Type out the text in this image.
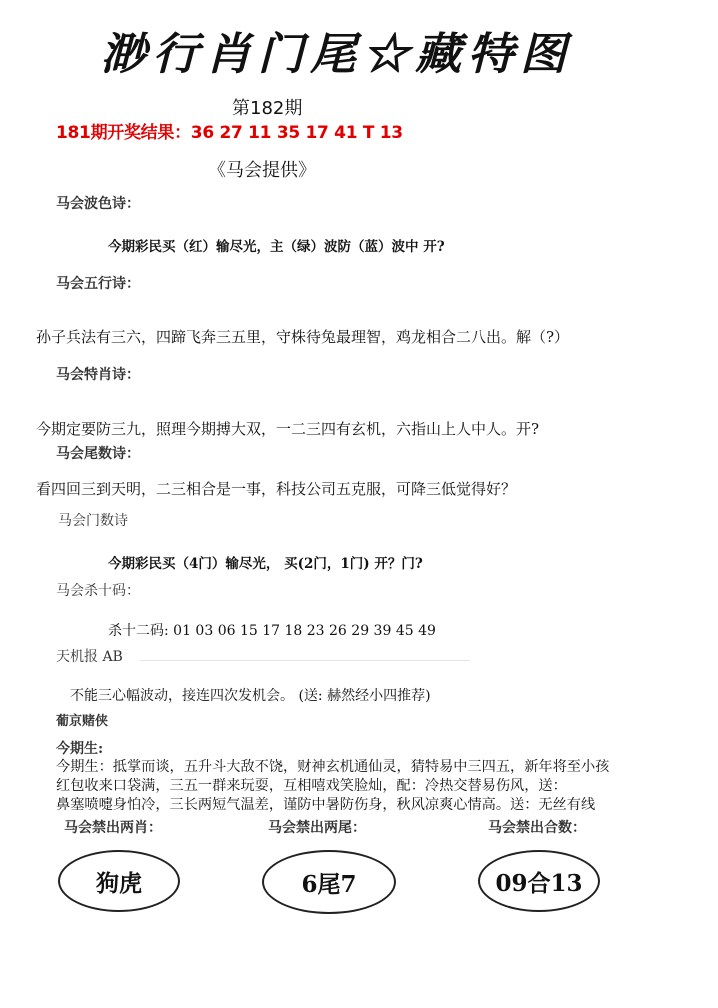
渺行肖门尾☆藏特图
第182期
181期开奖结果：36 27 11 35 17 41 T 13
《马会提供》
马会波色诗：
今期彩民买（红）输尽光，主（绿）波防（蓝）波中 开?
马会五行诗：
孙子兵法有三六，四蹄飞奔三五里，守株待兔最理智，鸡龙相合二八出。解（?）
马会特肖诗：
今期定要防三九，照理今期搏大双，一二三四有玄机，六指山上人中人。开?
马会尾数诗：
看四回三到天明，二三相合是一事，科技公司五克服，可降三低觉得好？
马会门数诗
今期彩民买（4门）输尽光， 买(2门，1门) 开？门?
马会杀十码：
杀十二码: 01 03 06 15 17 18 23 26 29 39 45 49
天机报 AB
不能三心幅波动，接连四次发机会。 (送: 赫然经小四推荐)
葡京赌侠
今期生:
今期生：抵掌而谈，五升斗大敌不饶，财神玄机通仙灵，猜特易中三四五，新年将至小孩
红包收来口袋满，三五一群来玩耍，互相嘻戏笑脸灿，配：冷热交替易伤风，送：
鼻塞喷嚏身怕冷，三长两短气温差，谨防中暑防伤身，秋风凉爽心情高。送：无丝有线
马会禁出两肖：	马会禁出两尾：	马会禁出合数：
狗虎	6尾7	09合13
